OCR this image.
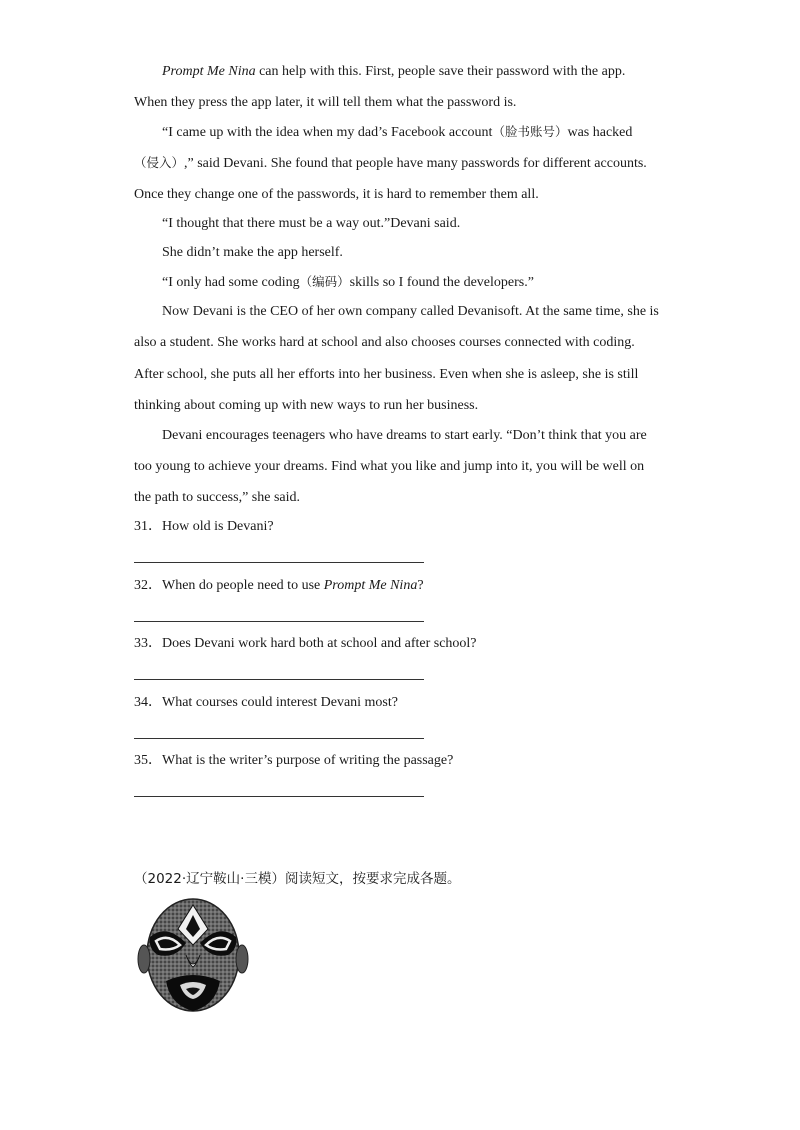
Prompt Me Nina can help with this. First, people save their password with the app.
When they press the app later, it will tell them what the password is.
“I came up with the idea when my dad’s Facebook account（脸书账号）was hacked
（侵入）,” said Devani. She found that people have many passwords for different accounts.
Once they change one of the passwords, it is hard to remember them all.
“I thought that there must be a way out.”Devani said.
She didn’t make the app herself.
“I only had some coding（编码）skills so I found the developers.”
Now Devani is the CEO of her own company called Devanisoft. At the same time, she is
also a student. She works hard at school and also chooses courses connected with coding.
After school, she puts all her efforts into her business. Even when she is asleep, she is still
thinking about coming up with new ways to run her business.
Devani encourages teenagers who have dreams to start early. “Don’t think that you are
too young to achieve your dreams. Find what you like and jump into it, you will be well on
the path to success,” she said.
31．How old is Devani?
32．When do people need to use Prompt Me Nina?
33．Does Devani work hard both at school and after school?
34．What courses could interest Devani most?
35．What is the writer’s purpose of writing the passage?
（2022·辽宁鞍山·三模）阅读短文，按要求完成各题。
